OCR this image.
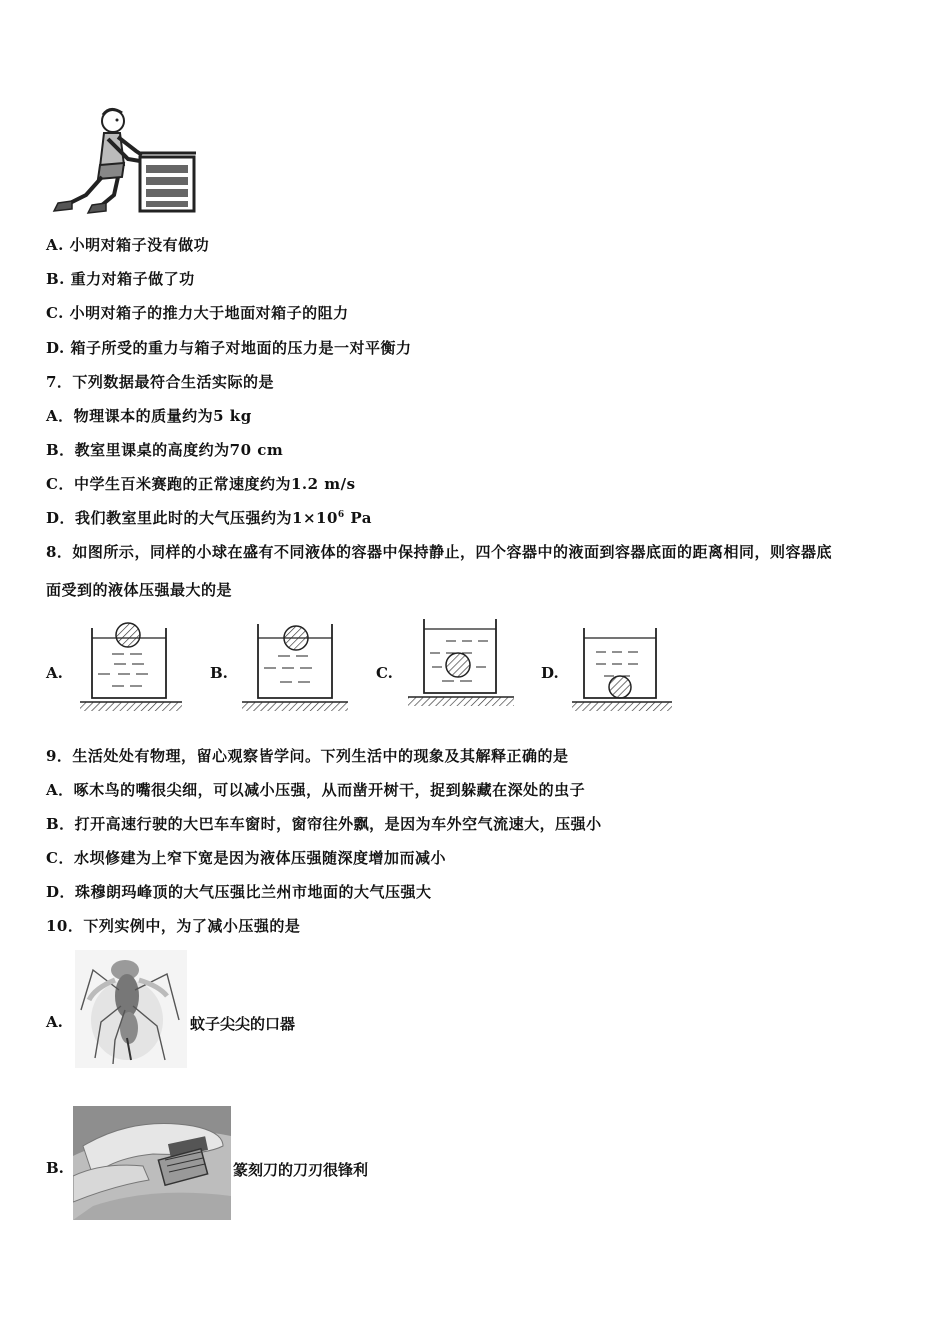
A. 小明对箱子没有做功
B. 重力对箱子做了功
C. 小明对箱子的推力大于地面对箱子的阻力
D. 箱子所受的重力与箱子对地面的压力是一对平衡力
7．下列数据最符合生活实际的是
A．物理课本的质量约为5 kg
B．教室里课桌的高度约为70 cm
C．中学生百米赛跑的正常速度约为1.2 m/s
D．我们教室里此时的大气压强约为$1\times 10^6$ Pa
8．如图所示，同样的小球在盛有不同液体的容器中保持静止，四个容器中的液面到容器底面的距离相同，则容器底
面受到的液体压强最大的是
A.	B.	C.	D.
9．生活处处有物理，留心观察皆学问。下列生活中的现象及其解释正确的是
A．啄木鸟的嘴很尖细，可以减小压强，从而凿开树干，捉到躲藏在深处的虫子
B．打开高速行驶的大巴车车窗时，窗帘往外飘，是因为车外空气流速大，压强小
C．水坝修建为上窄下宽是因为液体压强随深度增加而减小
D．珠穆朗玛峰顶的大气压强比兰州市地面的大气压强大
10．下列实例中，为了减小压强的是
A.	蚊子尖尖的口器
B.	篆刻刀的刀刃很锋利
